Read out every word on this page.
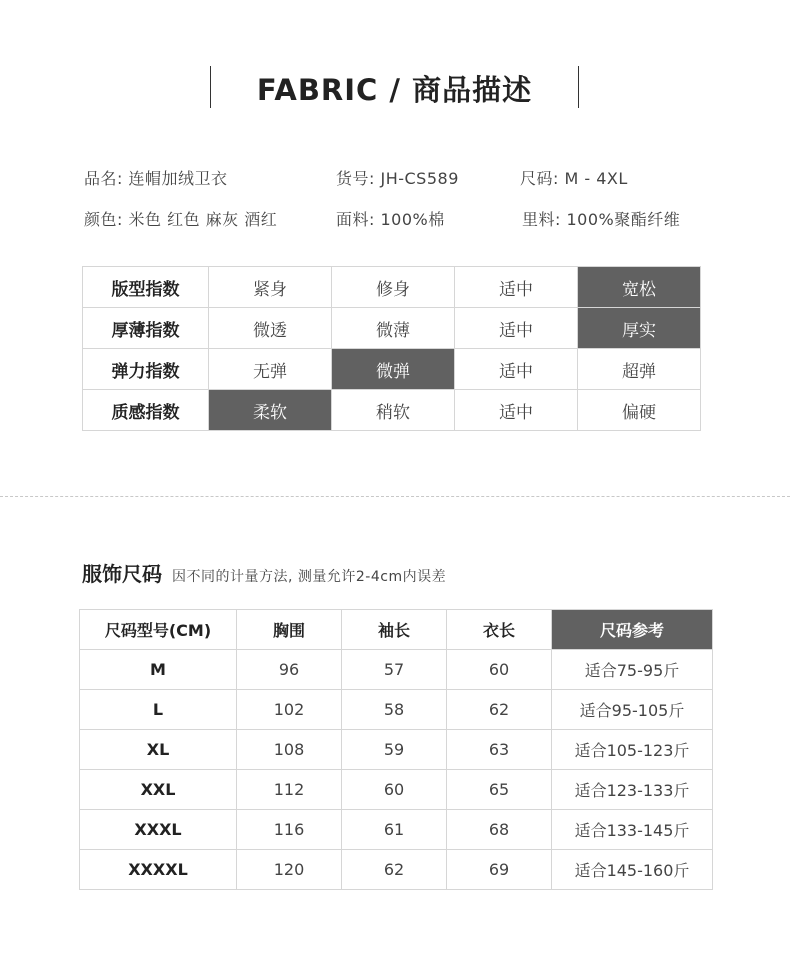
FABRIC / 商品描述
品名: 连帽加绒卫衣	货号: JH-CS589	尺码: M - 4XL
颜色: 米色 红色 麻灰 酒红	面料: 100%棉	里料: 100%聚酯纤维
版型指数	紧身	修身	适中	宽松
厚薄指数	微透	微薄	适中	厚实
弹力指数	无弹	微弹	适中	超弹
质感指数	柔软	稍软	适中	偏硬
服饰尺码 因不同的计量方法, 测量允许2-4cm内误差
尺码型号(CM)	胸围	袖长	衣长	尺码参考
M	96	57	60	适合75-95斤
L	102	58	62	适合95-105斤
XL	108	59	63	适合105-123斤
XXL	112	60	65	适合123-133斤
XXXL	116	61	68	适合133-145斤
XXXXL	120	62	69	适合145-160斤
